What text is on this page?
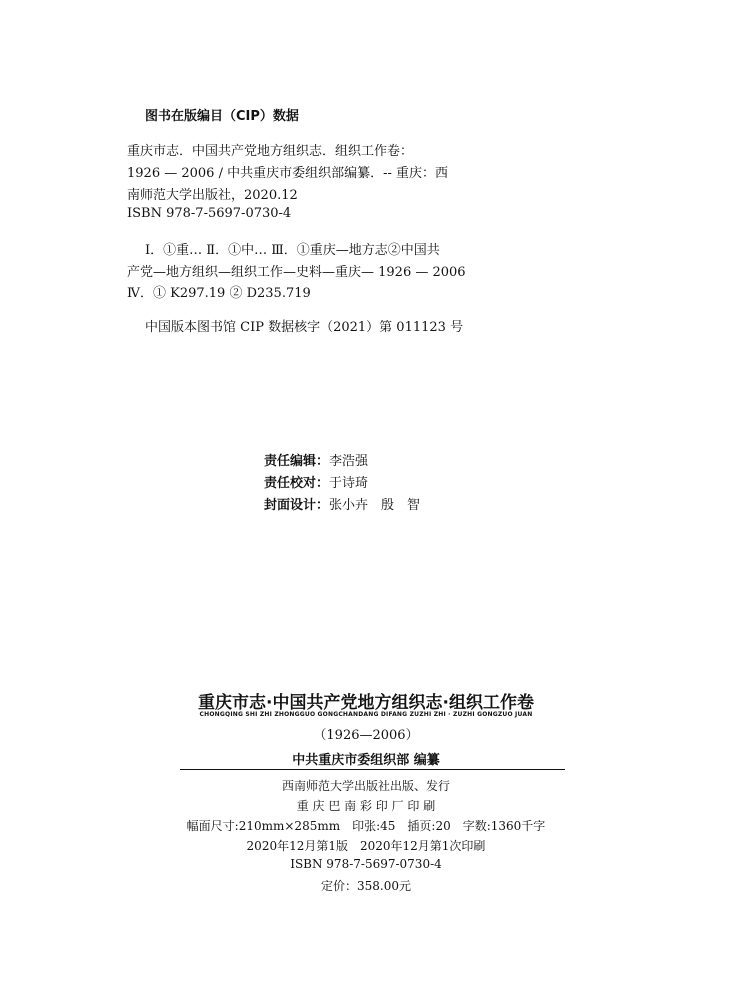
图书在版编目（CIP）数据
重庆市志．中国共产党地方组织志．组织工作卷：
1926 — 2006 / 中共重庆市委组织部编纂．-- 重庆：西
南师范大学出版社，2020.12
ISBN 978-7-5697-0730-4
Ⅰ．①重… Ⅱ．①中… Ⅲ．①重庆—地方志②中国共
产党—地方组织—组织工作—史料—重庆— 1926 — 2006
Ⅳ．① K297.19 ② D235.719
中国版本图书馆 CIP 数据核字（2021）第 011123 号
责任编辑：李浩强
责任校对：于诗琦
封面设计：张小卉　殷　智
重庆市志·中国共产党地方组织志·组织工作卷
CHONGQING SHI ZHI ZHONGGUO GONGCHANDANG DIFANG ZUZHI ZHI · ZUZHI GONGZUO JUAN
（1926—2006）
中共重庆市委组织部 编纂
西南师范大学出版社出版、发行
重 庆 巴 南 彩 印 厂 印 刷
幅面尺寸:210mm×285mm　印张:45　插页:20　字数:1360千字
2020年12月第1版　2020年12月第1次印刷
ISBN 978-7-5697-0730-4
定价：358.00元
